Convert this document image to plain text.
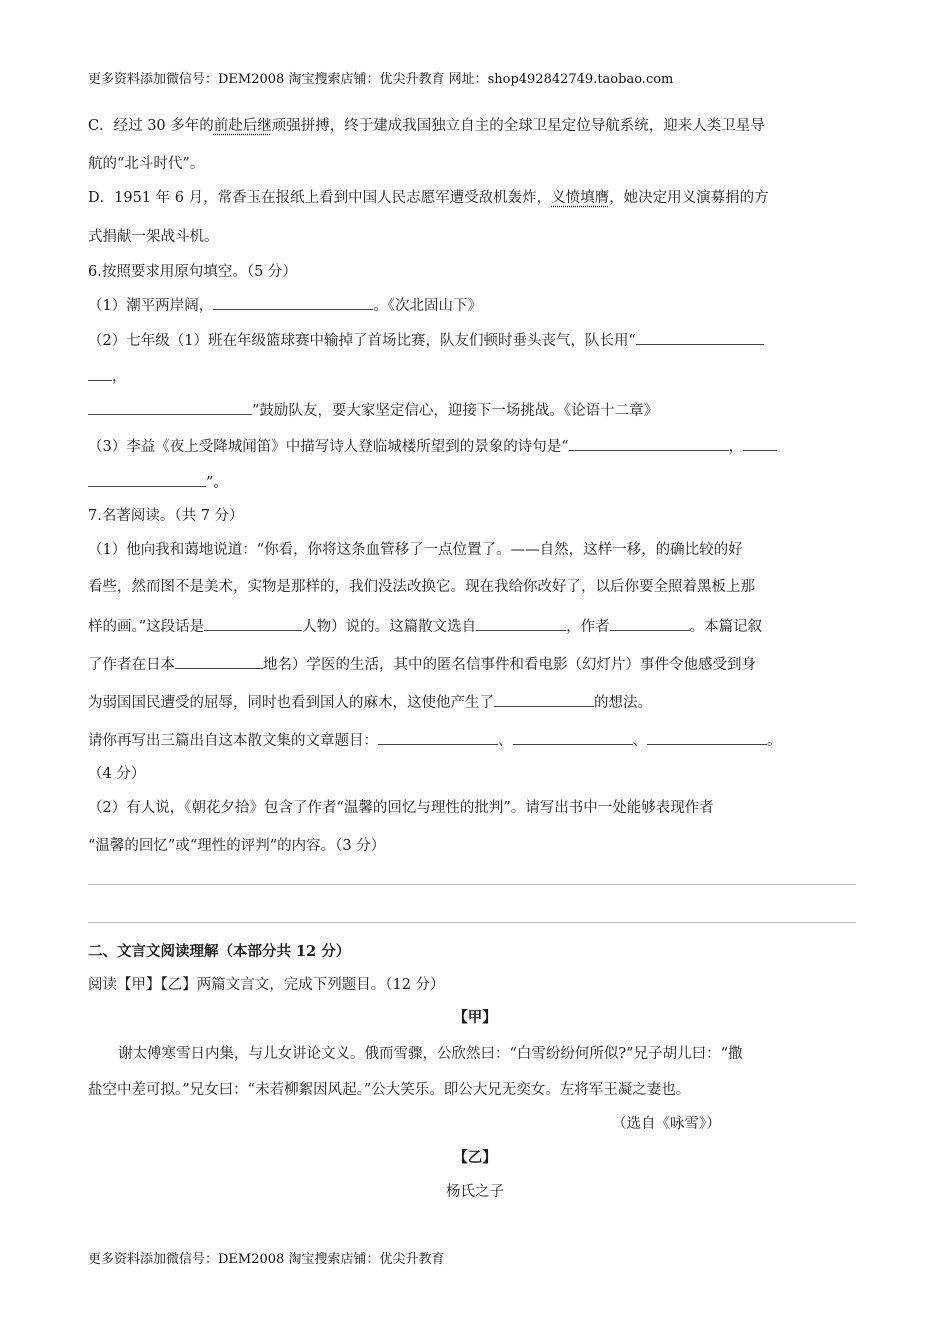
更多资料添加微信号：DEM2008 淘宝搜索店铺：优尖升教育 网址：shop492842749.taobao.com
C．经过 30 多年的前赴后继顽强拼搏，终于建成我国独立自主的全球卫星定位导航系统，迎来人类卫星导
航的“北斗时代”。
D．1951 年 6 月，常香玉在报纸上看到中国人民志愿军遭受敌机轰炸，义愤填膺，她决定用义演募捐的方
式捐献一架战斗机。
6.按照要求用原句填空。（5 分）
（1）潮平两岸阔，	。《次北固山下》
（2）七年级（1）班在年级篮球赛中输掉了首场比赛，队友们顿时垂头丧气，队长用“
，
”鼓励队友，要大家坚定信心，迎接下一场挑战。《论语十二章》
（3）李益《夜上受降城闻笛》中描写诗人登临城楼所望到的景象的诗句是“	，
”。
7.名著阅读。（共 7 分）
（1）他向我和蔼地说道：“你看，你将这条血管移了一点位置了。——自然，这样一移，的确比较的好
看些，然而图不是美术，实物是那样的，我们没法改换它。现在我给你改好了，以后你要全照着黑板上那
样的画。”这段话是	人物）说的。这篇散文选自	，作者	。本篇记叙
了作者在日本	地名）学医的生活，其中的匿名信事件和看电影（幻灯片）事件令他感受到身
为弱国国民遭受的屈辱，同时也看到国人的麻木，这使他产生了	的想法。
请你再写出三篇出自这本散文集的文章题目：	、	、	。
（4 分）
（2）有人说，《朝花夕拾》包含了作者“温馨的回忆与理性的批判”。请写出书中一处能够表现作者
“温馨的回忆”或“理性的评判”的内容。（3 分）
二、文言文阅读理解（本部分共 12 分）
阅读【甲】【乙】两篇文言文，完成下列题目。（12 分）
【甲】
谢太傅寒雪日内集，与儿女讲论文义。俄而雪骤，公欣然曰：“白雪纷纷何所似?”兄子胡儿曰：“撒
盐空中差可拟。”兄女曰：“未若柳絮因风起。”公大笑乐。即公大兄无奕女。左将军王凝之妻也。
（选自《咏雪》）
【乙】
杨氏之子
更多资料添加微信号：DEM2008 淘宝搜索店铺：优尖升教育
